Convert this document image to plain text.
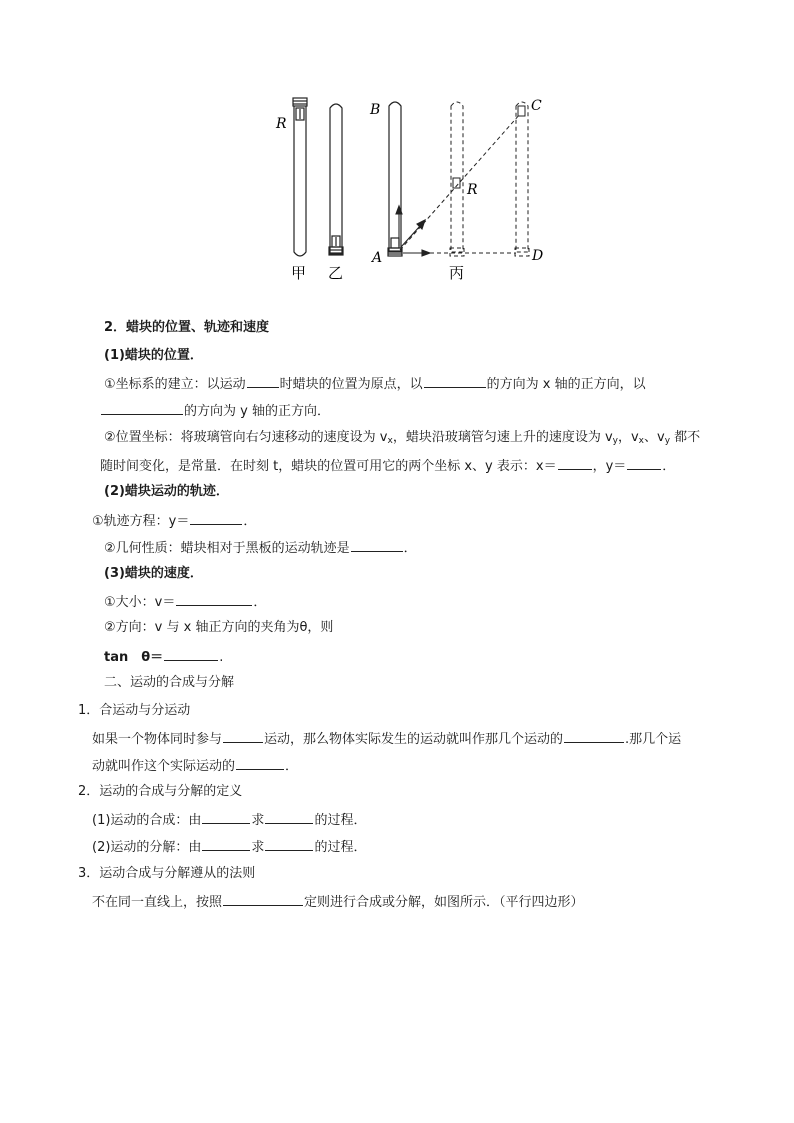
R
甲 乙
B
A
C
D
R
丙
2．蜡块的位置、轨迹和速度
(1)蜡块的位置．
①坐标系的建立：以运动	时蜡块的位置为原点，以	的方向为 x 轴的正方向，以
的方向为 y 轴的正方向．
②位置坐标：将玻璃管向右匀速移动的速度设为 $v_x$，蜡块沿玻璃管匀速上升的速度设为 $v_y$，$v_x$、$v_y$ 都不
随时间变化，是常量．在时刻 t，蜡块的位置可用它的两个坐标 x、y 表示：x＝	，y＝	．
(2)蜡块运动的轨迹．
①轨迹方程：y＝	．
②几何性质：蜡块相对于黑板的运动轨迹是	．
(3)蜡块的速度．
①大小：v＝	．
②方向：v 与 x 轴正方向的夹角为θ，则
tan　θ＝	.
二、运动的合成与分解
1．合运动与分运动
如果一个物体同时参与	运动，那么物体实际发生的运动就叫作那几个运动的	.那几个运
动就叫作这个实际运动的	．
2．运动的合成与分解的定义
(1)运动的合成：由	求	的过程．
(2)运动的分解：由	求	的过程．
3．运动合成与分解遵从的法则
不在同一直线上，按照	定则进行合成或分解，如图所示．（平行四边形）
